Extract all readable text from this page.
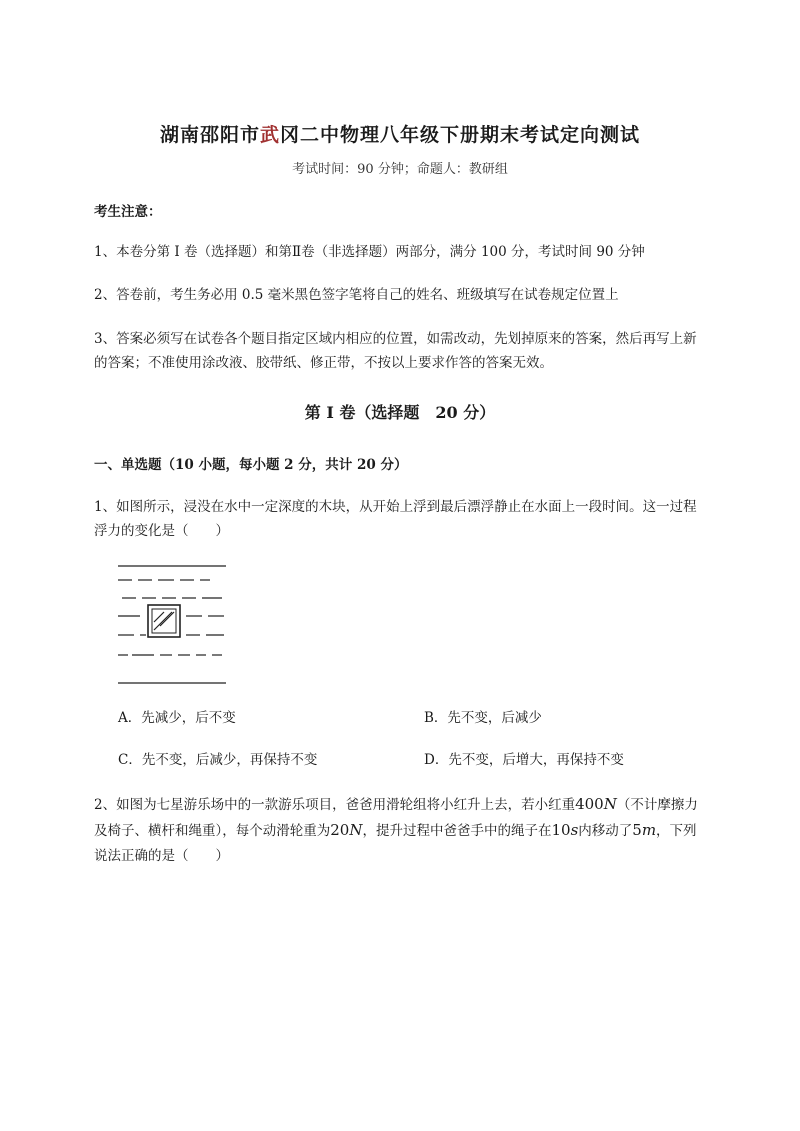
湖南邵阳市武冈二中物理八年级下册期末考试定向测试
考试时间：90 分钟；命题人：教研组
考生注意：
1、本卷分第 I 卷（选择题）和第Ⅱ卷（非选择题）两部分，满分 100 分，考试时间 90 分钟
2、答卷前，考生务必用 0.5 毫米黑色签字笔将自己的姓名、班级填写在试卷规定位置上
3、答案必须写在试卷各个题目指定区域内相应的位置，如需改动，先划掉原来的答案，然后再写上新的答案；不准使用涂改液、胶带纸、修正带，不按以上要求作答的答案无效。
第 I 卷（选择题　20 分）
一、单选题（10 小题，每小题 2 分，共计 20 分）
1、如图所示，浸没在水中一定深度的木块，从开始上浮到最后漂浮静止在水面上一段时间。这一过程浮力的变化是（　　）
A．先减少，后不变	B．先不变，后减少
C．先不变，后减少，再保持不变	D．先不变，后增大，再保持不变
2、如图为七星游乐场中的一款游乐项目，爸爸用滑轮组将小红升上去，若小红重400N（不计摩擦力及椅子、横杆和绳重），每个动滑轮重为20N，提升过程中爸爸手中的绳子在10s内移动了5m，下列说法正确的是（　　）
